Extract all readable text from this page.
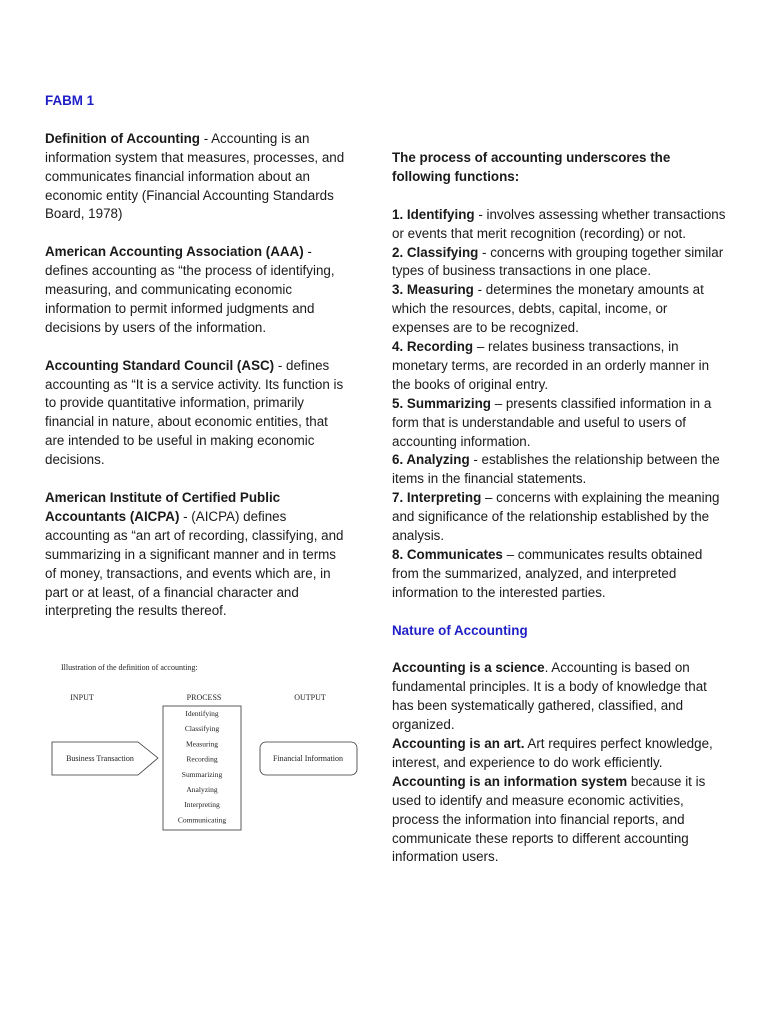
FABM 1

Definition of Accounting - Accounting is an information system that measures, processes, and communicates financial information about an economic entity (Financial Accounting Standards Board, 1978)

American Accounting Association (AAA) - defines accounting as “the process of identifying, measuring, and communicating economic information to permit informed judgments and decisions by users of the information.

Accounting Standard Council (ASC) - defines accounting as “It is a service activity. Its function is to provide quantitative information, primarily financial in nature, about economic entities, that are intended to be useful in making economic decisions.

American Institute of Certified Public Accountants (AICPA) - (AICPA) defines accounting as “an art of recording, classifying, and summarizing in a significant manner and in terms of money, transactions, and events which are, in part or at least, of a financial character and interpreting the results thereof.

Illustration of the definition of accounting:
INPUT	PROCESS	OUTPUT
Business Transaction
Identifying
Classifying
Measuring
Recording
Summarizing
Analyzing
Interpreting
Communicating
Financial Information

The process of accounting underscores the following functions:

1. Identifying - involves assessing whether transactions or events that merit recognition (recording) or not.

2. Classifying - concerns with grouping together similar types of business transactions in one place.

3. Measuring - determines the monetary amounts at which the resources, debts, capital, income, or expenses are to be recognized.

4. Recording – relates business transactions, in monetary terms, are recorded in an orderly manner in the books of original entry.

5. Summarizing – presents classified information in a form that is understandable and useful to users of accounting information.

6. Analyzing - establishes the relationship between the items in the financial statements.

7. Interpreting – concerns with explaining the meaning and significance of the relationship established by the analysis.

8. Communicates – communicates results obtained from the summarized, analyzed, and interpreted information to the interested parties.

Nature of Accounting

Accounting is a science. Accounting is based on fundamental principles. It is a body of knowledge that has been systematically gathered, classified, and organized.

Accounting is an art. Art requires perfect knowledge, interest, and experience to do work efficiently.

Accounting is an information system because it is used to identify and measure economic activities, process the information into financial reports, and communicate these reports to different accounting information users.
